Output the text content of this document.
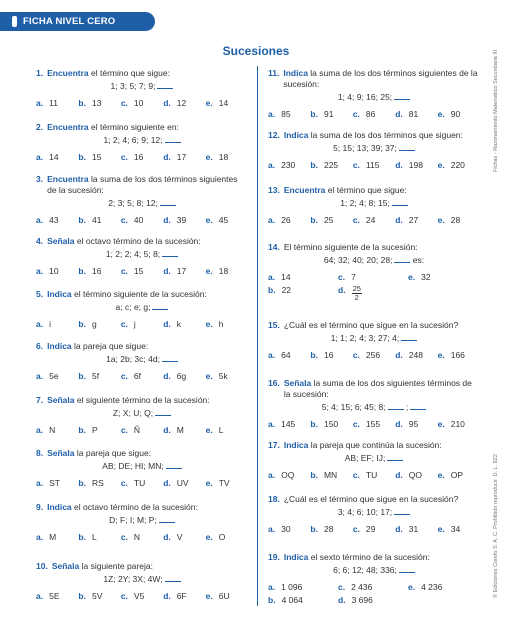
FICHA NIVEL CERO
Sucesiones	Fichas - Razonamiento Matemático Secundaria III
© Ediciones Corefo S. A. C. Prohibido reproducir. D. L. 822
1. Encuentra el término que sigue:
1; 3; 5; 7; 9;
a. 11 b. 13 c. 10 d. 12 e. 14
2. Encuentra el término siguiente en:
1; 2; 4; 6; 9; 12;
a. 14 b. 15 c. 16 d. 17 e. 18
3. Encuentra la suma de los dos términos siguientes de la sucesión:
2; 3; 5; 8; 12;
a. 43 b. 41 c. 40 d. 39 e. 45
4. Señala el octavo término de la sucesión:
1; 2; 2; 4; 5; 8;
a. 10 b. 16 c. 15 d. 17 e. 18
5. Indica el término siguiente de la sucesión:
a; c; e; g;
a. i	b. g	c. j	d. k	e. h
6. Indica la pareja que sigue:
1a; 2b; 3c; 4d;
a. 5e b. 5f	c. 6f	d. 6g e. 5k
7. Señala el siguiente término de la sucesión:
Z; X; U; Q;
a. N	b. P	c. Ñ	d. M	e. L
8. Señala la pareja que sigue:
AB; DE; HI; MN;
a. ST b. RS c. TU d. UV e. TV
9. Indica el octavo término de la sucesión:
D; F; I; M; P;
a. M	b. L	c. N	d. V	e. O
10. Señala la siguiente pareja:
1Z; 2Y; 3X; 4W;
a. 5E b. 5V c. V5 d. 6F e. 6U
11. Indica la suma de los dos términos siguientes de la sucesión:
1; 4; 9; 16; 25;
a. 85 b. 91 c. 86 d. 81 e. 90
12. Indica la suma de los dos términos que siguen:
5; 15; 13; 39; 37;
a. 230 b. 225 c. 115 d. 198 e. 220
13. Encuentra el término que sigue:
1; 2; 4; 8; 15;
a. 26 b. 25 c. 24 d. 27 e. 28
14. El término siguiente de la sucesión:
64; 32; 40; 20; 28; es:
a. 14	c. 7	e. 32
b. 22	d. $\frac{25}{2}$
15. ¿Cuál es el término que sigue en la sucesión?
1; 1; 2; 4; 3; 27; 4;
a. 64 b. 16 c. 256 d. 248 e. 166
16. Señala la suma de los dos siguientes términos de la sucesión:
5; 4; 15; 6; 45; 8; ;
a. 145 b. 150 c. 155 d. 95 e. 210
17. Indica la pareja que continúa la sucesión:
AB; EF; IJ;
a. OQ b. MN c. TU d. QO e. OP
18. ¿Cuál es el término que sigue en la sucesión?
3; 4; 6; 10; 17;
a. 30 b. 28 c. 29 d. 31 e. 34
19. Indica el sexto término de la sucesión:
6; 6; 12; 48; 336;
a. 1 096	c. 2 436	e. 4 236
b. 4 064	d. 3 696
